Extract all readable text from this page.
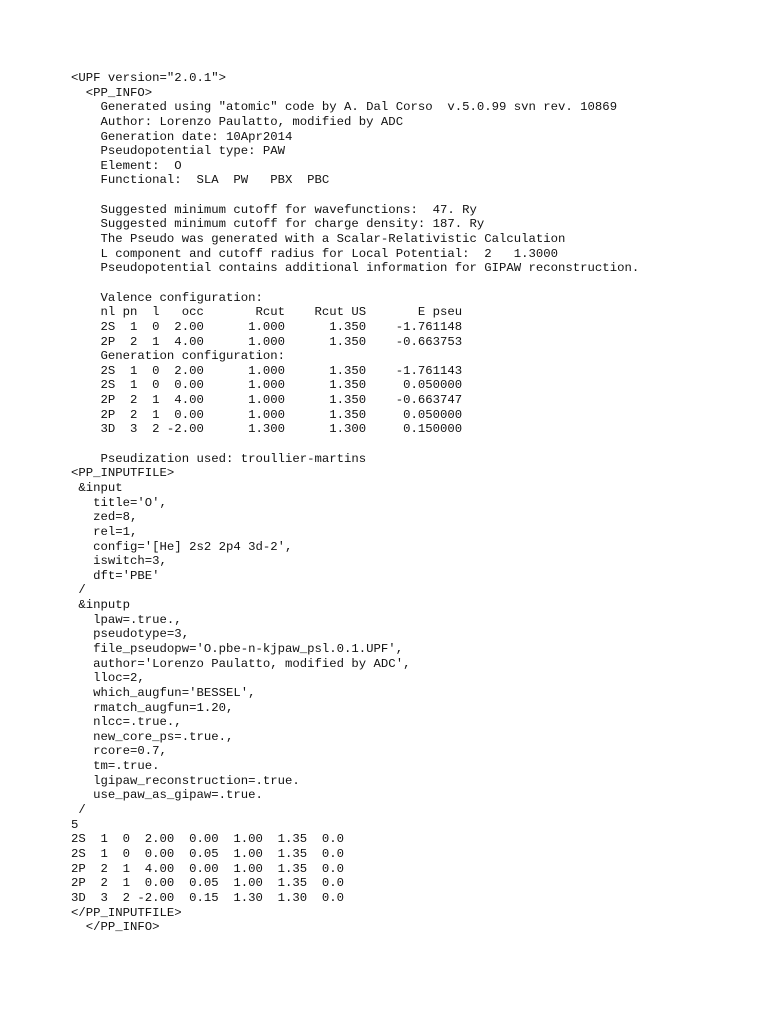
<UPF version="2.0.1">
<PP_INFO>
Generated using "atomic" code by A. Dal Corso  v.5.0.99 svn rev. 10869
Author: Lorenzo Paulatto, modified by ADC
Generation date: 10Apr2014
Pseudopotential type: PAW
Element:  O
Functional:  SLA  PW   PBX  PBC
Suggested minimum cutoff for wavefunctions:  47. Ry
Suggested minimum cutoff for charge density: 187. Ry
The Pseudo was generated with a Scalar-Relativistic Calculation
L component and cutoff radius for Local Potential:  2   1.3000
Pseudopotential contains additional information for GIPAW reconstruction.
Valence configuration:
nl pn  l   occ       Rcut    Rcut US       E pseu
2S  1  0  2.00      1.000      1.350    -1.761148
2P  2  1  4.00      1.000      1.350    -0.663753
Generation configuration:
2S  1  0  2.00      1.000      1.350    -1.761143
2S  1  0  0.00      1.000      1.350     0.050000
2P  2  1  4.00      1.000      1.350    -0.663747
2P  2  1  0.00      1.000      1.350     0.050000
3D  3  2 -2.00      1.300      1.300     0.150000
Pseudization used: troullier-martins
<PP_INPUTFILE>
&input
title='O',
zed=8,
rel=1,
config='[He] 2s2 2p4 3d-2',
iswitch=3,
dft='PBE'
/
&inputp
lpaw=.true.,
pseudotype=3,
file_pseudopw='O.pbe-n-kjpaw_psl.0.1.UPF',
author='Lorenzo Paulatto, modified by ADC',
lloc=2,
which_augfun='BESSEL',
rmatch_augfun=1.20,
nlcc=.true.,
new_core_ps=.true.,
rcore=0.7,
tm=.true.
lgipaw_reconstruction=.true.
use_paw_as_gipaw=.true.
/
5
2S  1  0  2.00  0.00  1.00  1.35  0.0
2S  1  0  0.00  0.05  1.00  1.35  0.0
2P  2  1  4.00  0.00  1.00  1.35  0.0
2P  2  1  0.00  0.05  1.00  1.35  0.0
3D  3  2 -2.00  0.15  1.30  1.30  0.0
</PP_INPUTFILE>
</PP_INFO>
